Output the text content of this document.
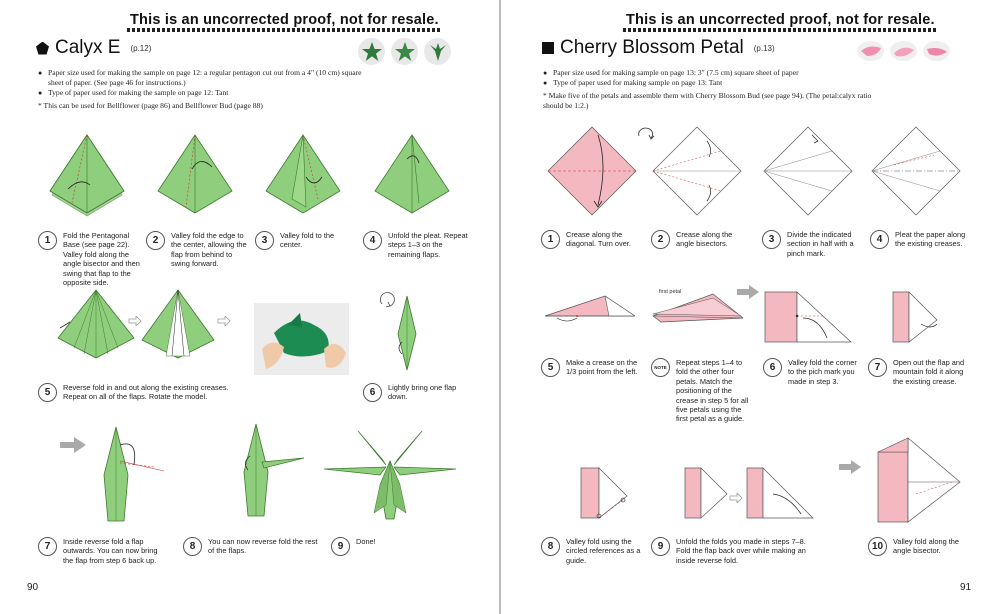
This is an uncorrected proof, not for resale.
Calyx E (p.12)
● Paper size used for making the sample on page 12: a regular pentagon cut out from a 4" (10 cm) square sheet of paper. (See page 46 for instructions.)
● Type of paper used for making the sample on page 12: Tant
* This can be used for Bellflower (page 86) and Bellflower Bud (page 88)
1	Fold the Pentagonal Base (see page 22). Valley fold along the angle bisector and then swing that flap to the opposite side.
2	Valley fold the edge to the center, allowing the flap from behind to swing forward.
3	Valley fold to the center.	4	Unfold the pleat. Repeat steps 1–3 on the remaining flaps.
5	Reverse fold in and out along the existing creases. Repeat on all of the flaps. Rotate the model.	6	Lightly bring one flap down.
7	Inside reverse fold a flap outwards. You can now bring the flap from step 6 back up.
8	You can now reverse fold the rest of the flaps.	9	Done!
90
This is an uncorrected proof, not for resale.
Cherry Blossom Petal (p.13)
● Paper size used for making sample on page 13: 3" (7.5 cm) square sheet of paper
● Type of paper used for making sample on page 13: Tant
* Make five of the petals and assemble them with Cherry Blossom Bud (see page 94). (The petal:calyx ratio should be 1:2.)
1	Crease along the diagonal. Turn over.	2	Crease along the angle bisectors.	3	Divide the indicated section in half with a pinch mark.
4	Pleat the paper along the existing creases.
first petal
5	Make a crease on the 1/3 point from the left.
NOTE
Repeat steps 1–4 to fold the other four petals. Match the positioning of the crease in step 5 for all five petals using the first petal as a guide.
6	Valley fold the corner to the pich mark you made in step 3.
7	Open out the flap and mountain fold it along the existing crease.
8	Valley fold using the circled references as a guide.
9	Unfold the folds you made in steps 7–8. Fold the flap back over while making an inside reverse fold.
10	Valley fold along the angle bisector.
91
